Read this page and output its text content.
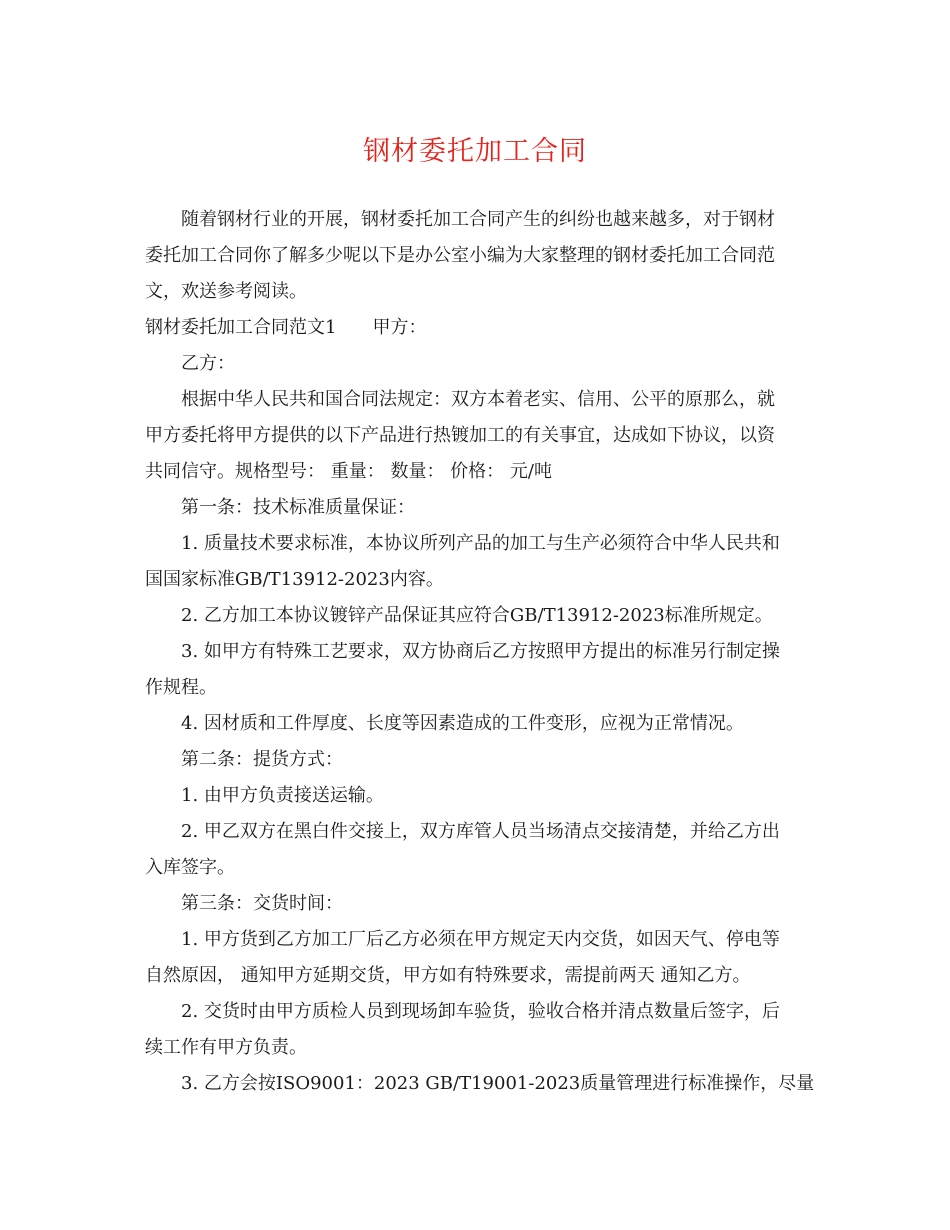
钢材委托加工合同
随着钢材行业的开展，钢材委托加工合同产生的纠纷也越来越多，对于钢材
委托加工合同你了解多少呢以下是办公室小编为大家整理的钢材委托加工合同范
文，欢送参考阅读。
钢材委托加工合同范文1　　甲方：
乙方：
根据中华人民共和国合同法规定：双方本着老实、信用、公平的原那么，就
甲方委托将甲方提供的以下产品进行热镀加工的有关事宜，达成如下协议，以资
共同信守。规格型号： 重量： 数量： 价格： 元/吨
第一条：技术标准质量保证：
1. 质量技术要求标准，本协议所列产品的加工与生产必须符合中华人民共和
国国家标准GB/T13912-2023内容。
2. 乙方加工本协议镀锌产品保证其应符合GB/T13912-2023标准所规定。
3. 如甲方有特殊工艺要求，双方协商后乙方按照甲方提出的标准另行制定操
作规程。
4. 因材质和工件厚度、长度等因素造成的工件变形，应视为正常情况。
第二条：提货方式：
1. 由甲方负责接送运输。
2. 甲乙双方在黑白件交接上，双方库管人员当场清点交接清楚，并给乙方出
入库签字。
第三条：交货时间：
1. 甲方货到乙方加工厂后乙方必须在甲方规定天内交货，如因天气、停电等
自然原因， 通知甲方延期交货，甲方如有特殊要求，需提前两天 通知乙方。
2. 交货时由甲方质检人员到现场卸车验货，验收合格并清点数量后签字，后
续工作有甲方负责。
3. 乙方会按ISO9001：2023 GB/T19001-2023质量管理进行标准操作，尽量
